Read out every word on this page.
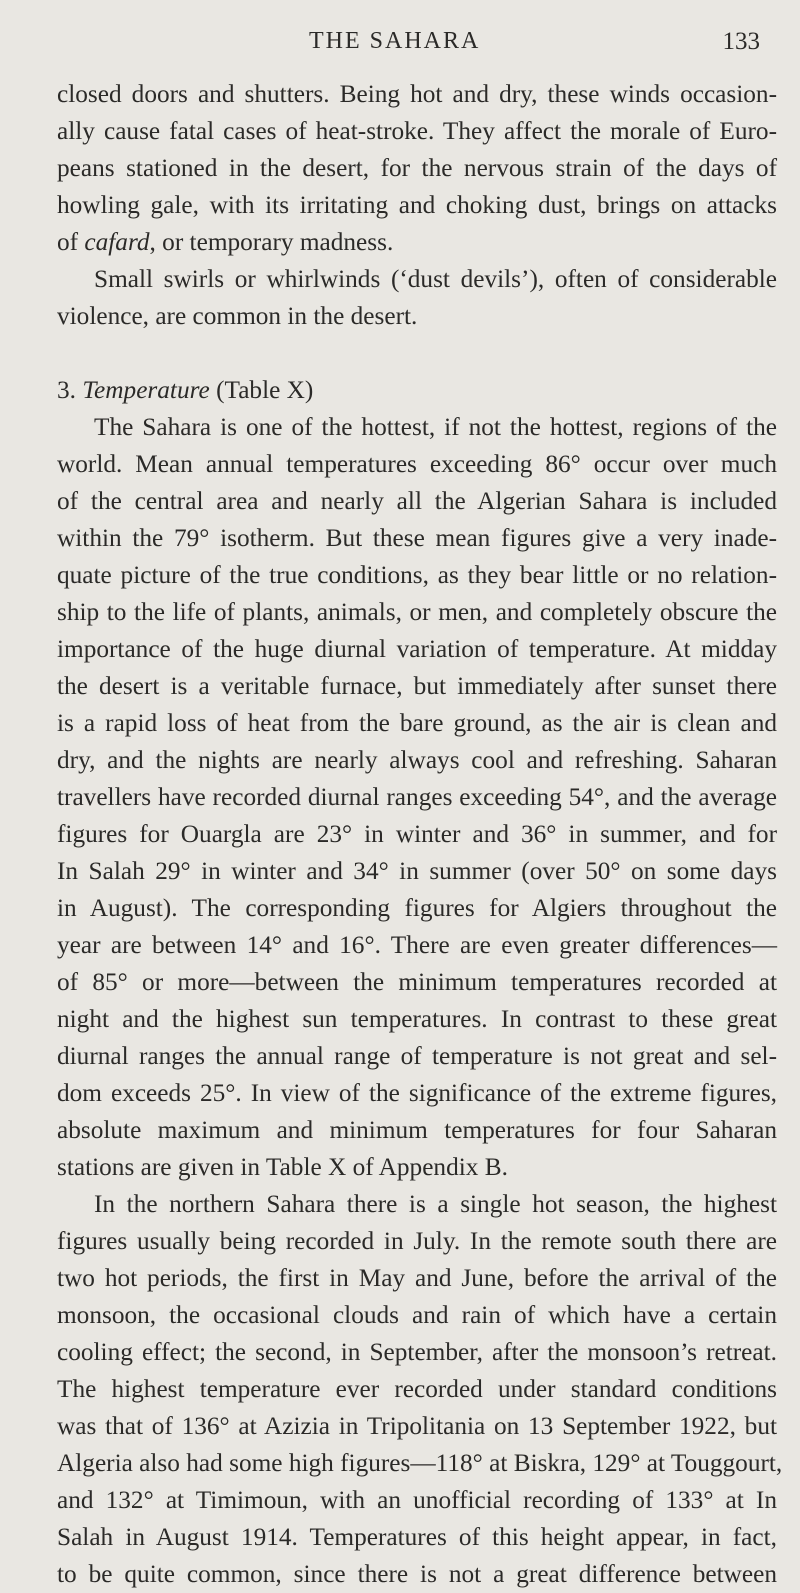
THE SAHARA	133
closed doors and shutters. Being hot and dry, these winds occasion-
ally cause fatal cases of heat-stroke. They affect the morale of Euro-
peans stationed in the desert, for the nervous strain of the days of
howling gale, with its irritating and choking dust, brings on attacks
of cafard, or temporary madness.
Small swirls or whirlwinds (‘dust devils’), often of considerable
violence, are common in the desert.
3. Temperature (Table X)
The Sahara is one of the hottest, if not the hottest, regions of the
world. Mean annual temperatures exceeding 86° occur over much
of the central area and nearly all the Algerian Sahara is included
within the 79° isotherm. But these mean figures give a very inade-
quate picture of the true conditions, as they bear little or no relation-
ship to the life of plants, animals, or men, and completely obscure the
importance of the huge diurnal variation of temperature. At midday
the desert is a veritable furnace, but immediately after sunset there
is a rapid loss of heat from the bare ground, as the air is clean and
dry, and the nights are nearly always cool and refreshing. Saharan
travellers have recorded diurnal ranges exceeding 54°, and the average
figures for Ouargla are 23° in winter and 36° in summer, and for
In Salah 29° in winter and 34° in summer (over 50° on some days
in August). The corresponding figures for Algiers throughout the
year are between 14° and 16°. There are even greater differences—
of 85° or more—between the minimum temperatures recorded at
night and the highest sun temperatures. In contrast to these great
diurnal ranges the annual range of temperature is not great and sel-
dom exceeds 25°. In view of the significance of the extreme figures,
absolute maximum and minimum temperatures for four Saharan
stations are given in Table X of Appendix B.
In the northern Sahara there is a single hot season, the highest
figures usually being recorded in July. In the remote south there are
two hot periods, the first in May and June, before the arrival of the
monsoon, the occasional clouds and rain of which have a certain
cooling effect; the second, in September, after the monsoon’s retreat.
The highest temperature ever recorded under standard conditions
was that of 136° at Azizia in Tripolitania on 13 September 1922, but
Algeria also had some high figures—118° at Biskra, 129° at Touggourt,
and 132° at Timimoun, with an unofficial recording of 133° at In
Salah in August 1914. Temperatures of this height appear, in fact,
to be quite common, since there is not a great difference between
